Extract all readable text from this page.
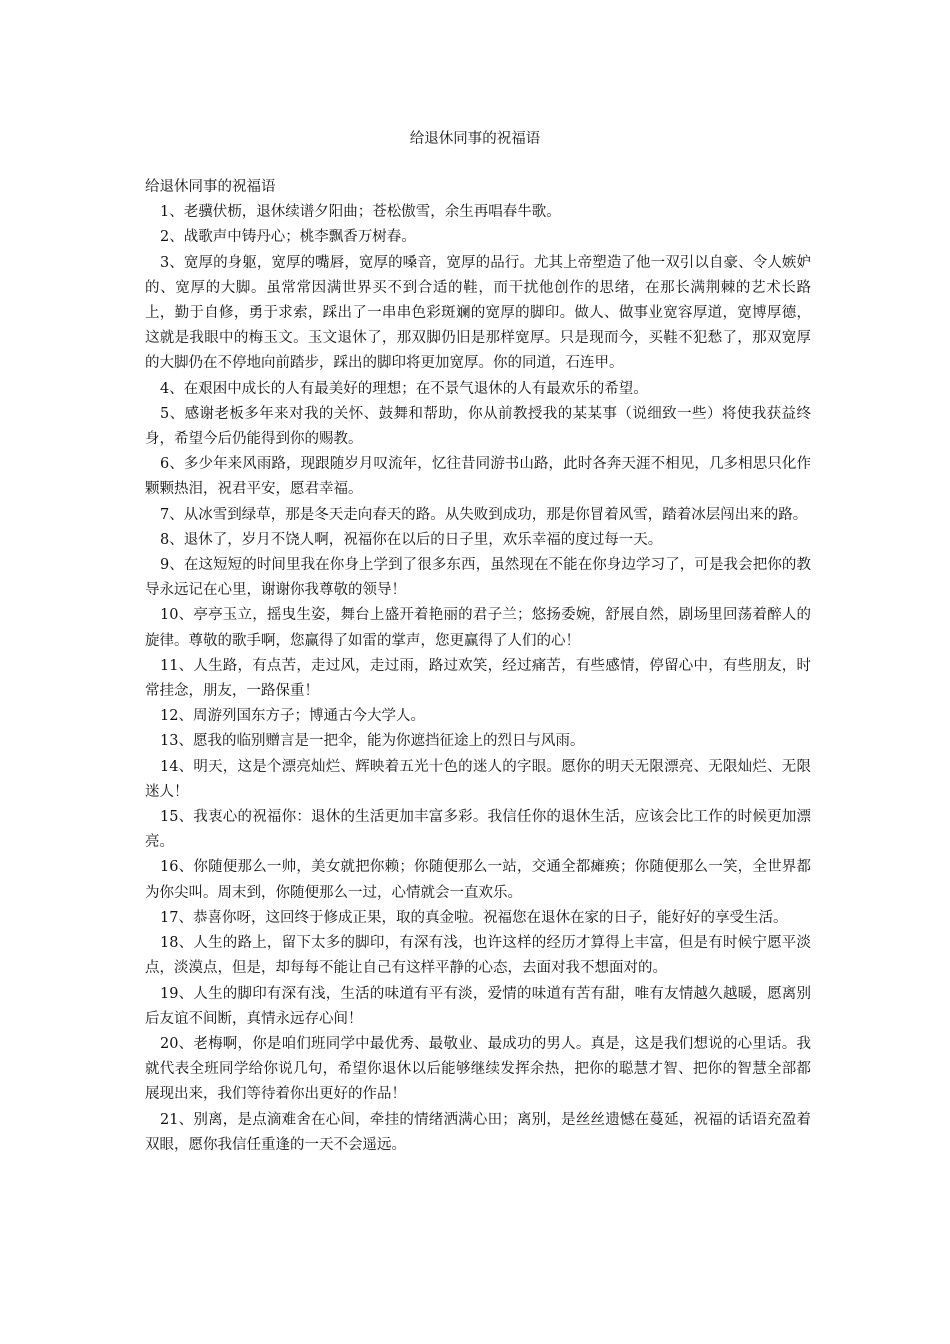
给退休同事的祝福语

给退休同事的祝福语

1、老骥伏枥，退休续谱夕阳曲；苍松傲雪，余生再唱春牛歌。

2、战歌声中铸丹心；桃李飘香万树春。

3、宽厚的身躯，宽厚的嘴唇，宽厚的嗓音，宽厚的品行。尤其上帝塑造了他一双引以自豪、令人嫉妒的、宽厚的大脚。虽常常因满世界买不到合适的鞋，而干扰他创作的思绪，在那长满荆棘的艺术长路上，勤于自修，勇于求索，踩出了一串串色彩斑斓的宽厚的脚印。做人、做事业宽容厚道，宽博厚德，这就是我眼中的梅玉文。玉文退休了，那双脚仍旧是那样宽厚。只是现而今，买鞋不犯愁了，那双宽厚的大脚仍在不停地向前踏步，踩出的脚印将更加宽厚。你的同道，石连甲。

4、在艰困中成长的人有最美好的理想；在不景气退休的人有最欢乐的希望。

5、感谢老板多年来对我的关怀、鼓舞和帮助，你从前教授我的某某事（说细致一些）将使我获益终身，希望今后仍能得到你的赐教。

6、多少年来风雨路，现跟随岁月叹流年，忆往昔同游书山路，此时各奔天涯不相见，几多相思只化作颗颗热泪，祝君平安，愿君幸福。

7、从冰雪到绿草，那是冬天走向春天的路。从失败到成功，那是你冒着风雪，踏着冰层闯出来的路。

8、退休了，岁月不饶人啊，祝福你在以后的日子里，欢乐幸福的度过每一天。

9、在这短短的时间里我在你身上学到了很多东西，虽然现在不能在你身边学习了，可是我会把你的教导永远记在心里，谢谢你我尊敬的领导！

10、亭亭玉立，摇曳生姿，舞台上盛开着艳丽的君子兰；悠扬委婉，舒展自然，剧场里回荡着醉人的旋律。尊敬的歌手啊，您赢得了如雷的掌声，您更赢得了人们的心！

11、人生路，有点苦，走过风，走过雨，路过欢笑，经过痛苦，有些感情，停留心中，有些朋友，时常挂念，朋友，一路保重！

12、周游列国东方子；博通古今大学人。

13、愿我的临别赠言是一把伞，能为你遮挡征途上的烈日与风雨。

14、明天，这是个漂亮灿烂、辉映着五光十色的迷人的字眼。愿你的明天无限漂亮、无限灿烂、无限迷人！

15、我衷心的祝福你：退休的生活更加丰富多彩。我信任你的退休生活，应该会比工作的时候更加漂亮。

16、你随便那么一帅，美女就把你赖；你随便那么一站，交通全都瘫痪；你随便那么一笑，全世界都为你尖叫。周末到，你随便那么一过，心情就会一直欢乐。

17、恭喜你呀，这回终于修成正果，取的真金啦。祝福您在退休在家的日子，能好好的享受生活。

18、人生的路上，留下太多的脚印，有深有浅，也许这样的经历才算得上丰富，但是有时候宁愿平淡点，淡漠点，但是，却每每不能让自己有这样平静的心态，去面对我不想面对的。

19、人生的脚印有深有浅，生活的味道有平有淡，爱情的味道有苦有甜，唯有友情越久越暖，愿离别后友谊不间断，真情永远存心间！

20、老梅啊，你是咱们班同学中最优秀、最敬业、最成功的男人。真是，这是我们想说的心里话。我就代表全班同学给你说几句，希望你退休以后能够继续发挥余热，把你的聪慧才智、把你的智慧全部都展现出来，我们等待着你出更好的作品！

21、别离，是点滴难舍在心间，牵挂的情绪洒满心田；离别，是丝丝遗憾在蔓延，祝福的话语充盈着双眼，愿你我信任重逢的一天不会遥远。
